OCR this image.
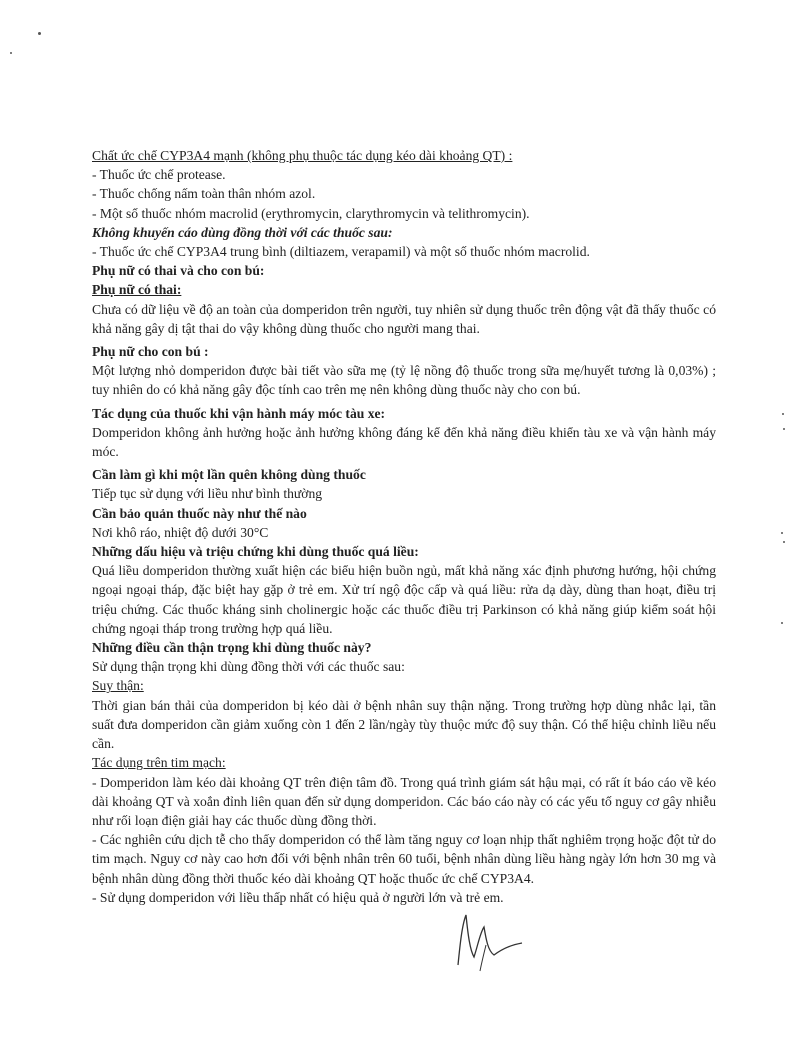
Chất ức chế CYP3A4 mạnh (không phụ thuộc tác dụng kéo dài khoảng QT) :

- Thuốc ức chế protease.

- Thuốc chống nấm toàn thân nhóm azol.

- Một số thuốc nhóm macrolid (erythromycin, clarythromycin và telithromycin).

Không khuyến cáo dùng đồng thời với các thuốc sau:

- Thuốc ức chế CYP3A4 trung bình (diltiazem, verapamil) và một số thuốc nhóm macrolid.

Phụ nữ có thai và cho con bú:

Phụ nữ có thai:

Chưa có dữ liệu về độ an toàn của domperidon trên người, tuy nhiên sử dụng thuốc trên động vật đã thấy thuốc có khả năng gây dị tật thai do vậy không dùng thuốc cho người mang thai.

Phụ nữ cho con bú :

Một lượng nhỏ domperidon được bài tiết vào sữa mẹ (tỷ lệ nồng độ thuốc trong sữa mẹ/huyết tương là 0,03%) ; tuy nhiên do có khả năng gây độc tính cao trên mẹ nên không dùng thuốc này cho con bú.

Tác dụng của thuốc khi vận hành máy móc tàu xe:

Domperidon không ảnh hưởng hoặc ảnh hưởng không đáng kể đến khả năng điều khiển tàu xe và vận hành máy móc.

Cần làm gì khi một lần quên không dùng thuốc

Tiếp tục sử dụng với liều như bình thường

Cần bảo quản thuốc này như thế nào

Nơi khô ráo, nhiệt độ dưới 30°C

Những dấu hiệu và triệu chứng khi dùng thuốc quá liều:

Quá liều domperidon thường xuất hiện các biểu hiện buồn ngủ, mất khả năng xác định phương hướng, hội chứng ngoại ngoại tháp, đặc biệt hay gặp ở trẻ em. Xử trí ngộ độc cấp và quá liều: rửa dạ dày, dùng than hoạt, điều trị triệu chứng. Các thuốc kháng sinh cholinergic hoặc các thuốc điều trị Parkinson có khả năng giúp kiểm soát hội chứng ngoại tháp trong trường hợp quá liều.

Những điều cần thận trọng khi dùng thuốc này?

Sử dụng thận trọng khi dùng đồng thời với các thuốc sau:

Suy thận:

Thời gian bán thải của domperidon bị kéo dài ở bệnh nhân suy thận nặng. Trong trường hợp dùng nhắc lại, tần suất đưa domperidon cần giảm xuống còn 1 đến 2 lần/ngày tùy thuộc mức độ suy thận. Có thể hiệu chỉnh liều nếu cần.

Tác dụng trên tim mạch:

- Domperidon làm kéo dài khoảng QT trên điện tâm đồ. Trong quá trình giám sát hậu mại, có rất ít báo cáo về kéo dài khoảng QT và xoắn đỉnh liên quan đến sử dụng domperidon. Các báo cáo này có các yếu tố nguy cơ gây nhiễu như rối loạn điện giải hay các thuốc dùng đồng thời.

- Các nghiên cứu dịch tễ cho thấy domperidon có thể làm tăng nguy cơ loạn nhịp thất nghiêm trọng hoặc đột tử do tim mạch. Nguy cơ này cao hơn đối với bệnh nhân trên 60 tuổi, bệnh nhân dùng liều hàng ngày lớn hơn 30 mg và bệnh nhân dùng đồng thời thuốc kéo dài khoảng QT hoặc thuốc ức chế CYP3A4.

- Sử dụng domperidon với liều thấp nhất có hiệu quả ở người lớn và trẻ em.
